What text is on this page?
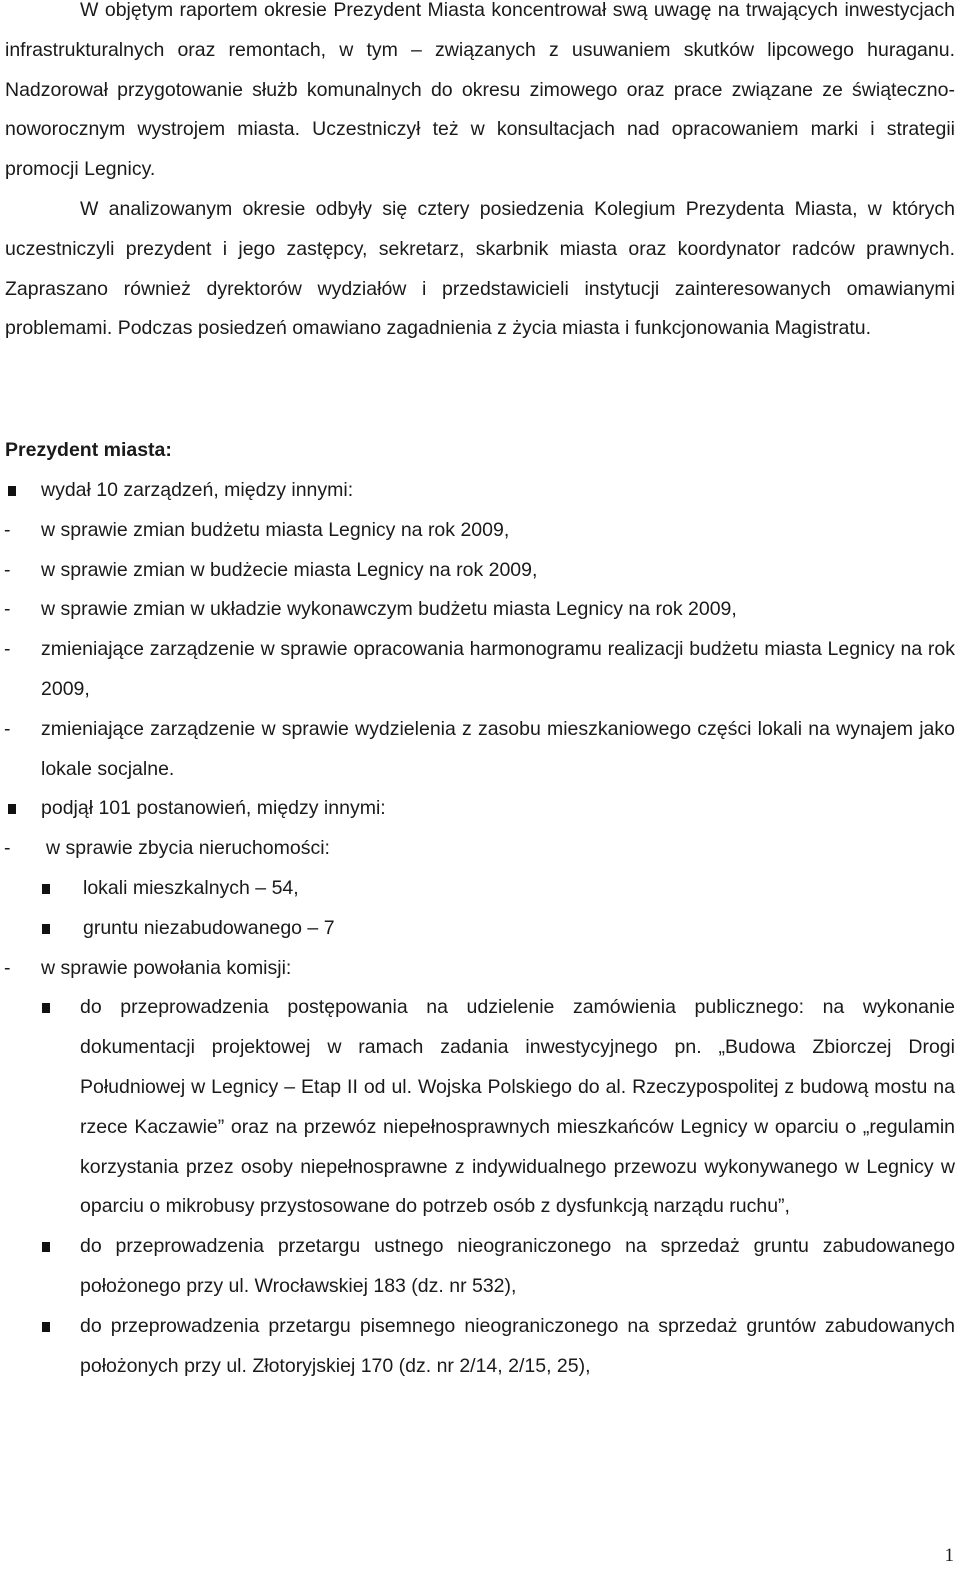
W objętym raportem okresie Prezydent Miasta koncentrował swą uwagę na trwających inwestycjach infrastrukturalnych oraz remontach, w tym – związanych z usuwaniem skutków lipcowego huraganu. Nadzorował przygotowanie służb komunalnych do okresu zimowego oraz prace związane ze świąteczno-noworocznym wystrojem miasta. Uczestniczył też w konsultacjach nad opracowaniem marki i strategii promocji Legnicy.

W analizowanym okresie odbyły się cztery posiedzenia Kolegium Prezydenta Miasta, w których uczestniczyli prezydent i jego zastępcy, sekretarz, skarbnik miasta oraz koordynator radców prawnych. Zapraszano również dyrektorów wydziałów i przedstawicieli instytucji zainteresowanych omawianymi problemami. Podczas posiedzeń omawiano zagadnienia z życia miasta i funkcjonowania Magistratu.

Prezydent miasta:
wydał 10 zarządzeń, między innymi:
- w sprawie zmian budżetu miasta Legnicy na rok 2009,
- w sprawie zmian w budżecie miasta Legnicy na rok 2009,
- w sprawie zmian w układzie wykonawczym budżetu miasta Legnicy na rok 2009,
- zmieniające zarządzenie w sprawie opracowania harmonogramu realizacji budżetu miasta Legnicy na rok 2009,
- zmieniające zarządzenie w sprawie wydzielenia z zasobu mieszkaniowego części lokali na wynajem jako lokale socjalne.
podjął 101 postanowień, między innymi:
- w sprawie zbycia nieruchomości:
lokali mieszkalnych – 54,
gruntu niezabudowanego – 7
- w sprawie powołania komisji:
do przeprowadzenia postępowania na udzielenie zamówienia publicznego: na wykonanie dokumentacji projektowej w ramach zadania inwestycyjnego pn. „Budowa Zbiorczej Drogi Południowej w Legnicy – Etap II od ul. Wojska Polskiego do al. Rzeczypospolitej z budową mostu na rzece Kaczawie” oraz na przewóz niepełnosprawnych mieszkańców Legnicy w oparciu o „regulamin korzystania przez osoby niepełnosprawne z indywidualnego przewozu wykonywanego w Legnicy w oparciu o mikrobusy przystosowane do potrzeb osób z dysfunkcją narządu ruchu”,
do przeprowadzenia przetargu ustnego nieograniczonego na sprzedaż gruntu zabudowanego położonego przy ul. Wrocławskiej 183 (dz. nr 532),
do przeprowadzenia przetargu pisemnego nieograniczonego na sprzedaż gruntów zabudowanych położonych przy ul. Złotoryjskiej 170 (dz. nr 2/14, 2/15, 25),
1
